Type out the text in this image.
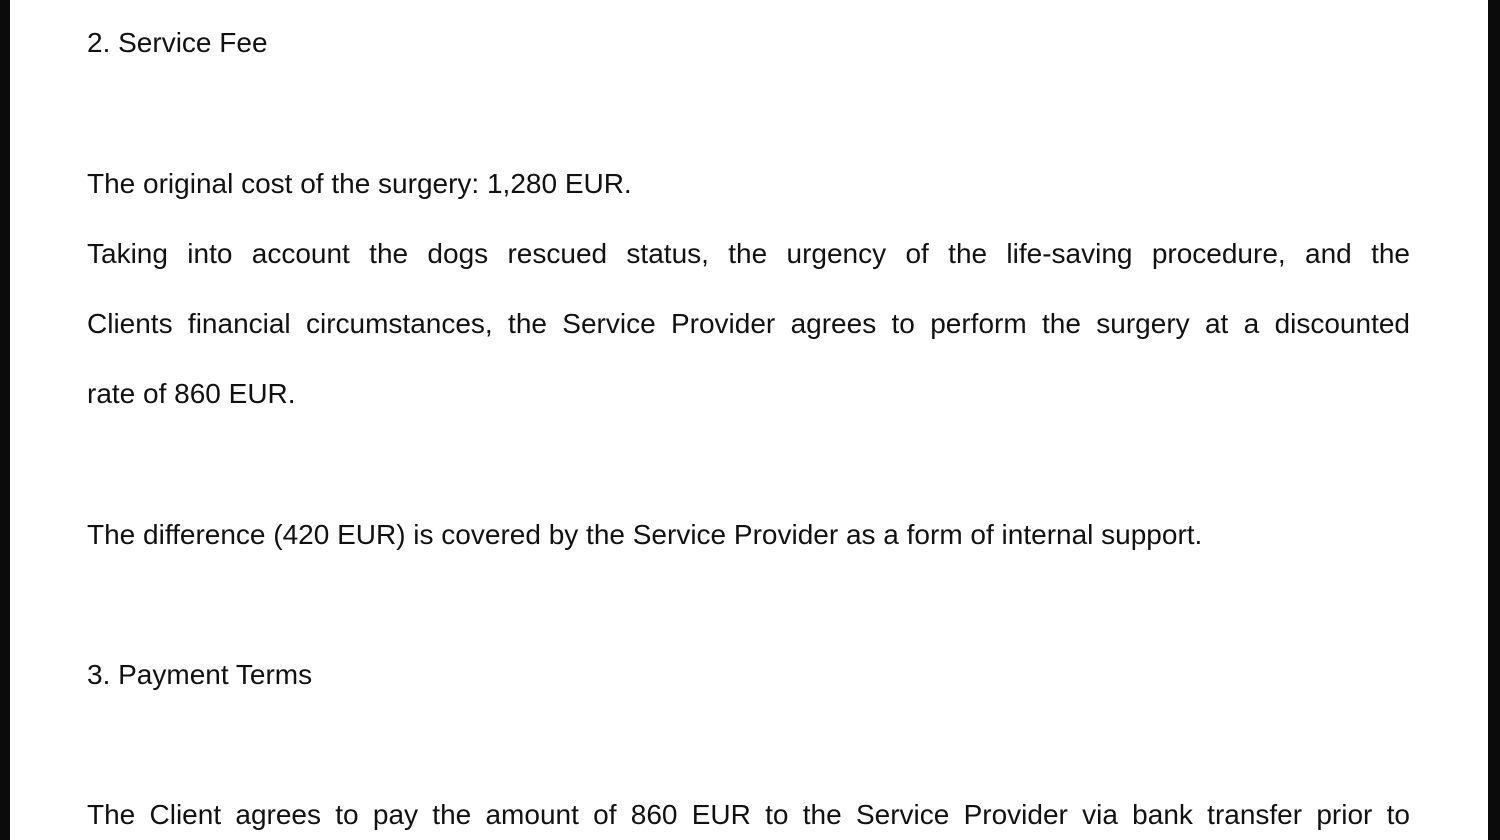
2. Service Fee
The original cost of the surgery: 1,280 EUR.
Taking into account the dogs rescued status, the urgency of the life-saving procedure, and the
Clients financial circumstances, the Service Provider agrees to perform the surgery at a discounted
rate of 860 EUR.
The difference (420 EUR) is covered by the Service Provider as a form of internal support.
3. Payment Terms
The Client agrees to pay the amount of 860 EUR to the Service Provider via bank transfer prior to
